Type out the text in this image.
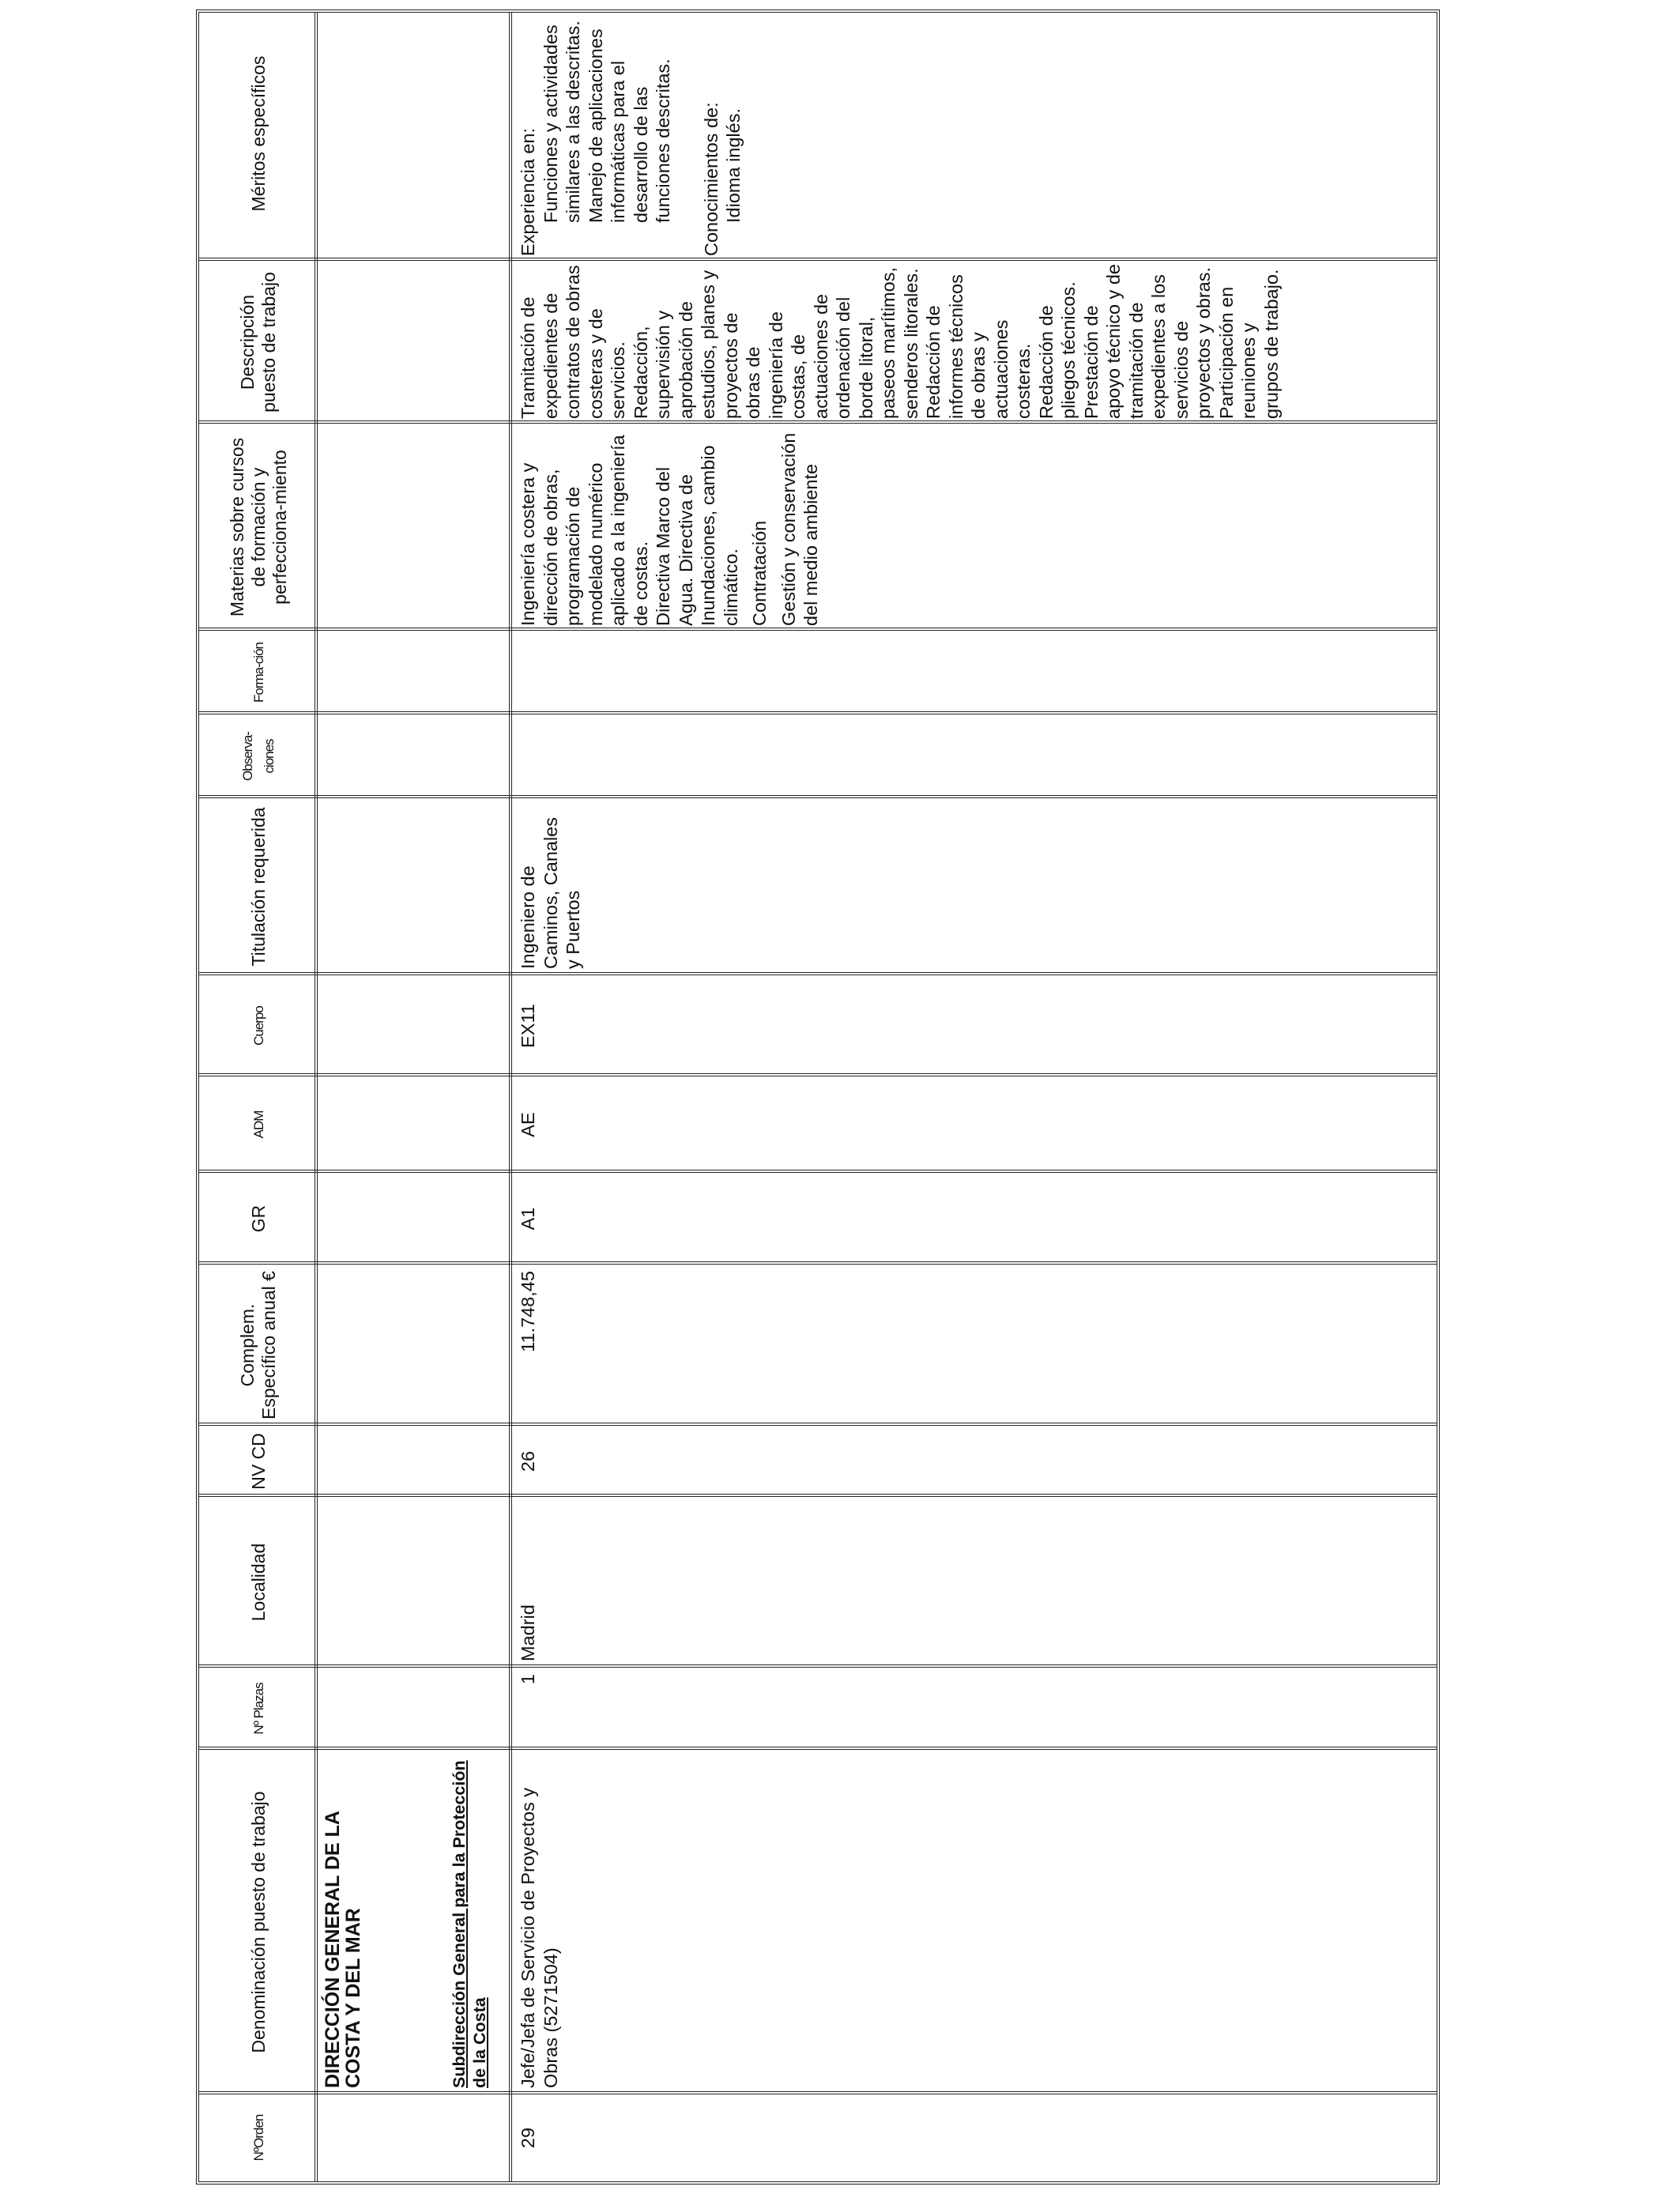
NºOrden
Denominación puesto de trabajo
Nº Plazas
Localidad
NV CD
Complem. Específico anual €
GR
ADM
Cuerpo
Titulación requerida
Observa-ciones
Forma-ción
Materias sobre cursos de formación y perfecciona-miento
Descripción puesto de trabajo
Méritos específicos
DIRECCIÓN GENERAL DE LA COSTA Y DEL MAR	Subdirección General para la Protección de la Costa
29
Jefe/Jefa de Servicio de Proyectos y Obras (5271504)
1
Madrid
26
11.748,45
A1
AE
EX11
Ingeniero de Caminos, Canales y Puertos

Ingeniería costera y dirección de obras, programación de modelado numérico aplicado a la ingeniería de costas. Directiva Marco del Agua. Directiva de Inundaciones, cambio climático. Contratación Gestión y conservación del medio ambiente

Tramitación de expedientes de contratos de obras costeras y de servicios. Redacción, supervisión y aprobación de estudios, planes y proyectos de obras de ingeniería de costas, de actuaciones de ordenación del borde litoral, paseos marítimos, senderos litorales. Redacción de informes técnicos de obras y actuaciones costeras. Redacción de pliegos técnicos. Prestación de apoyo técnico y de tramitación de expedientes a los servicios de proyectos y obras. Participación en reuniones y grupos de trabajo.

Experiencia en: Funciones y actividades similares a las descritas. Manejo de aplicaciones informáticas para el desarrollo de las funciones descritas. Conocimientos de: Idioma inglés.
